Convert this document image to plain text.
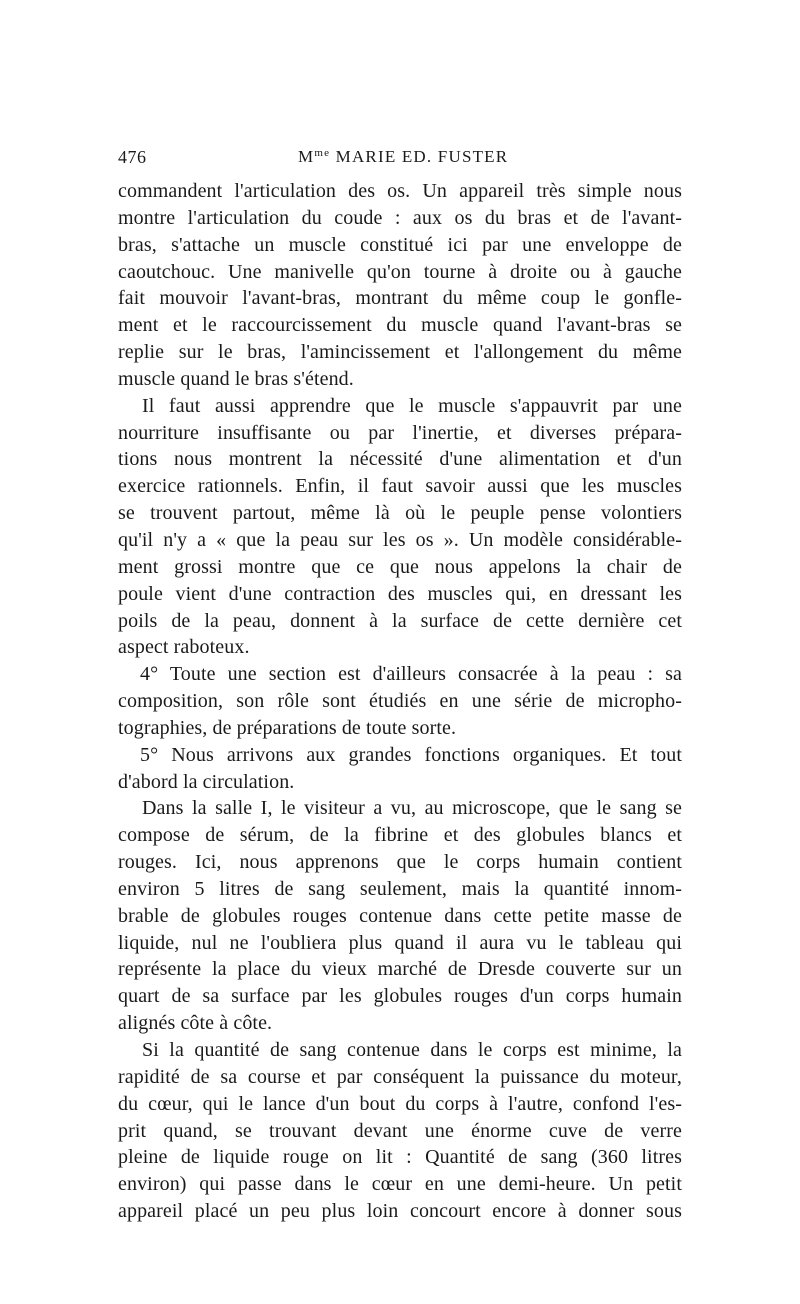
476	$M^{me}$ MARIE ED. FUSTER
commandent l'articulation des os. Un appareil très simple nous
montre l'articulation du coude : aux os du bras et de l'avant-
bras, s'attache un muscle constitué ici par une enveloppe de
caoutchouc. Une manivelle qu'on tourne à droite ou à gauche
fait mouvoir l'avant-bras, montrant du même coup le gonfle-
ment et le raccourcissement du muscle quand l'avant-bras se
replie sur le bras, l'amincissement et l'allongement du même
muscle quand le bras s'étend.
Il faut aussi apprendre que le muscle s'appauvrit par une
nourriture insuffisante ou par l'inertie, et diverses prépara-
tions nous montrent la nécessité d'une alimentation et d'un
exercice rationnels. Enfin, il faut savoir aussi que les muscles
se trouvent partout, même là où le peuple pense volontiers
qu'il n'y a « que la peau sur les os ». Un modèle considérable-
ment grossi montre que ce que nous appelons la chair de
poule vient d'une contraction des muscles qui, en dressant les
poils de la peau, donnent à la surface de cette dernière cet
aspect raboteux.
4° Toute une section est d'ailleurs consacrée à la peau : sa
composition, son rôle sont étudiés en une série de micropho-
tographies, de préparations de toute sorte.
5° Nous arrivons aux grandes fonctions organiques. Et tout
d'abord la circulation.
Dans la salle I, le visiteur a vu, au microscope, que le sang se
compose de sérum, de la fibrine et des globules blancs et
rouges. Ici, nous apprenons que le corps humain contient
environ 5 litres de sang seulement, mais la quantité innom-
brable de globules rouges contenue dans cette petite masse de
liquide, nul ne l'oubliera plus quand il aura vu le tableau qui
représente la place du vieux marché de Dresde couverte sur un
quart de sa surface par les globules rouges d'un corps humain
alignés côte à côte.
Si la quantité de sang contenue dans le corps est minime, la
rapidité de sa course et par conséquent la puissance du moteur,
du cœur, qui le lance d'un bout du corps à l'autre, confond l'es-
prit quand, se trouvant devant une énorme cuve de verre
pleine de liquide rouge on lit : Quantité de sang (360 litres
environ) qui passe dans le cœur en une demi-heure. Un petit
appareil placé un peu plus loin concourt encore à donner sous
